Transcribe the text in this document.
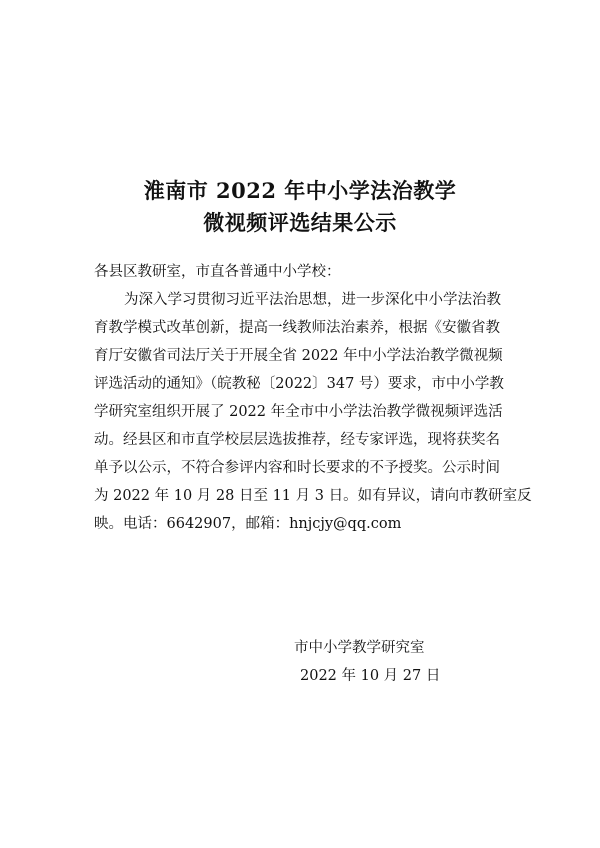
淮南市 2022 年中小学法治教学
微视频评选结果公示

各县区教研室，市直各普通中小学校：

为深入学习贯彻习近平法治思想，进一步深化中小学法治教

育教学模式改革创新，提高一线教师法治素养，根据《安徽省教

育厅安徽省司法厅关于开展全省 2022 年中小学法治教学微视频

评选活动的通知》（皖教秘〔2022〕347 号）要求，市中小学教

学研究室组织开展了 2022 年全市中小学法治教学微视频评选活

动。经县区和市直学校层层选拔推荐，经专家评选，现将获奖名

单予以公示，不符合参评内容和时长要求的不予授奖。公示时间

为 2022 年 10 月 28 日至 11 月 3 日。如有异议，请向市教研室反

映。电话：6642907，邮箱：hnjcjy@qq.com

市中小学教学研究室

2022 年 10 月 27 日
